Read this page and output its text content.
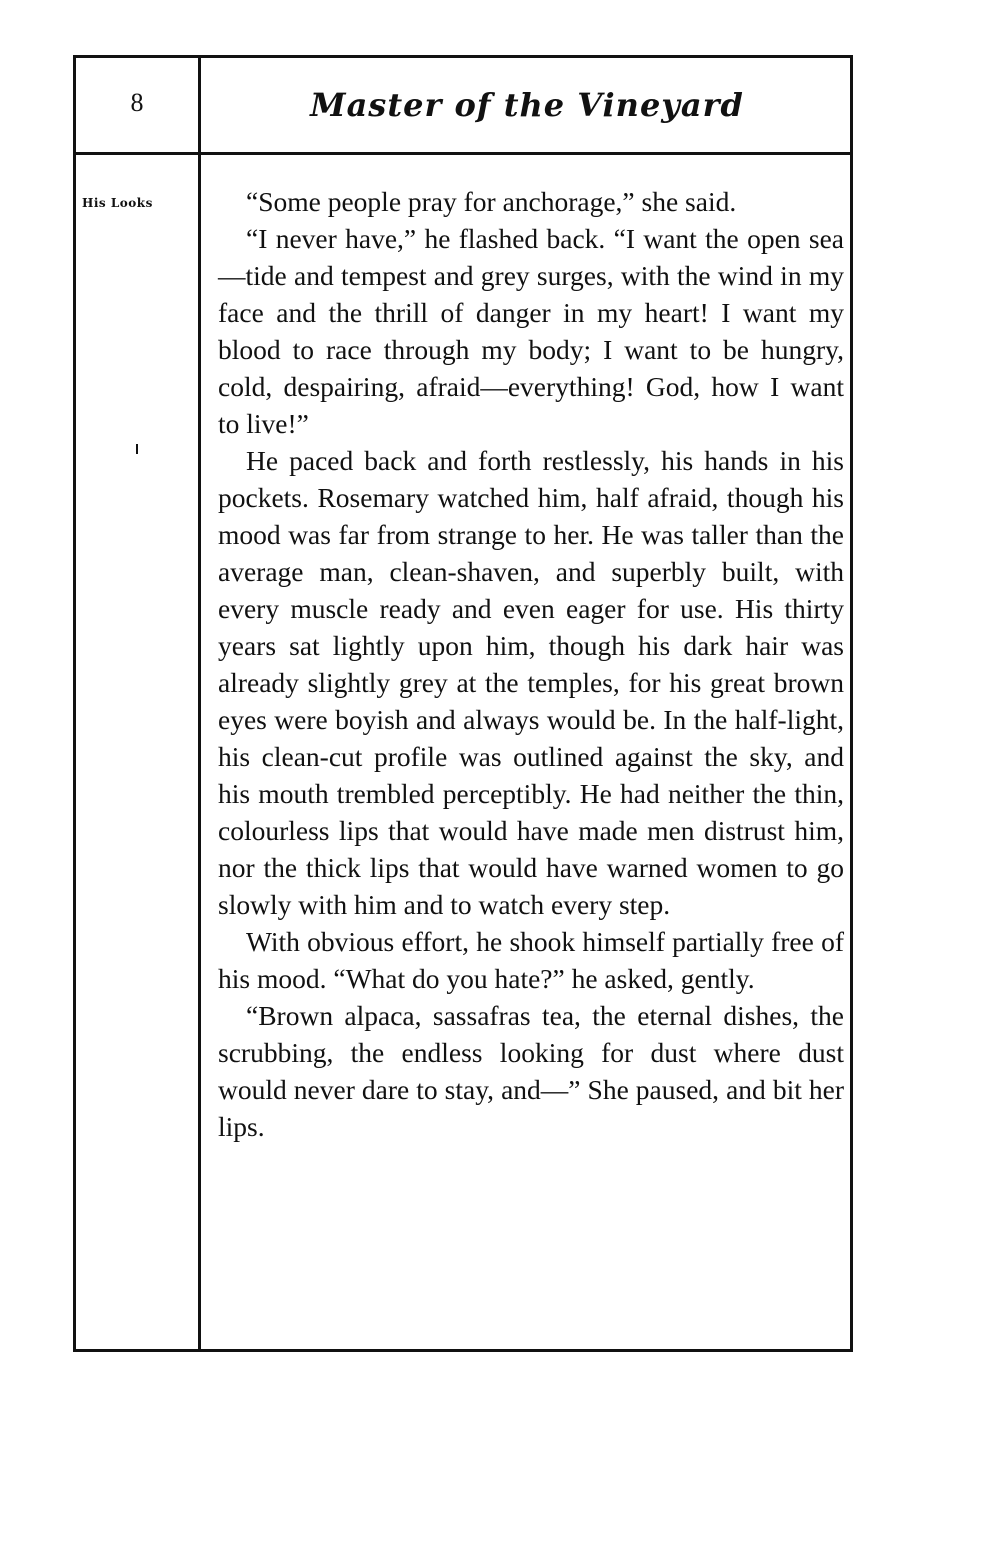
8	Master of the Vineyard
His Looks	“Some people pray for anchorage,” she said.

“I never have,” he flashed back. “I want the open sea—tide and tempest and grey surges, with the wind in my face and the thrill of danger in my heart! I want my blood to race through my body; I want to be hungry, cold, despairing, afraid—everything! God, how I want to live!”

He paced back and forth restlessly, his hands in his pockets. Rosemary watched him, half afraid, though his mood was far from strange to her. He was taller than the average man, clean-shaven, and superbly built, with every muscle ready and even eager for use. His thirty years sat lightly upon him, though his dark hair was already slightly grey at the temples, for his great brown eyes were boyish and always would be. In the half-light, his clean-cut profile was outlined against the sky, and his mouth trembled perceptibly. He had neither the thin, colourless lips that would have made men distrust him, nor the thick lips that would have warned women to go slowly with him and to watch every step.

With obvious effort, he shook himself partially free of his mood. “What do you hate?” he asked, gently.

“Brown alpaca, sassafras tea, the eternal dishes, the scrubbing, the endless looking for dust where dust would never dare to stay, and—” She paused, and bit her lips.
